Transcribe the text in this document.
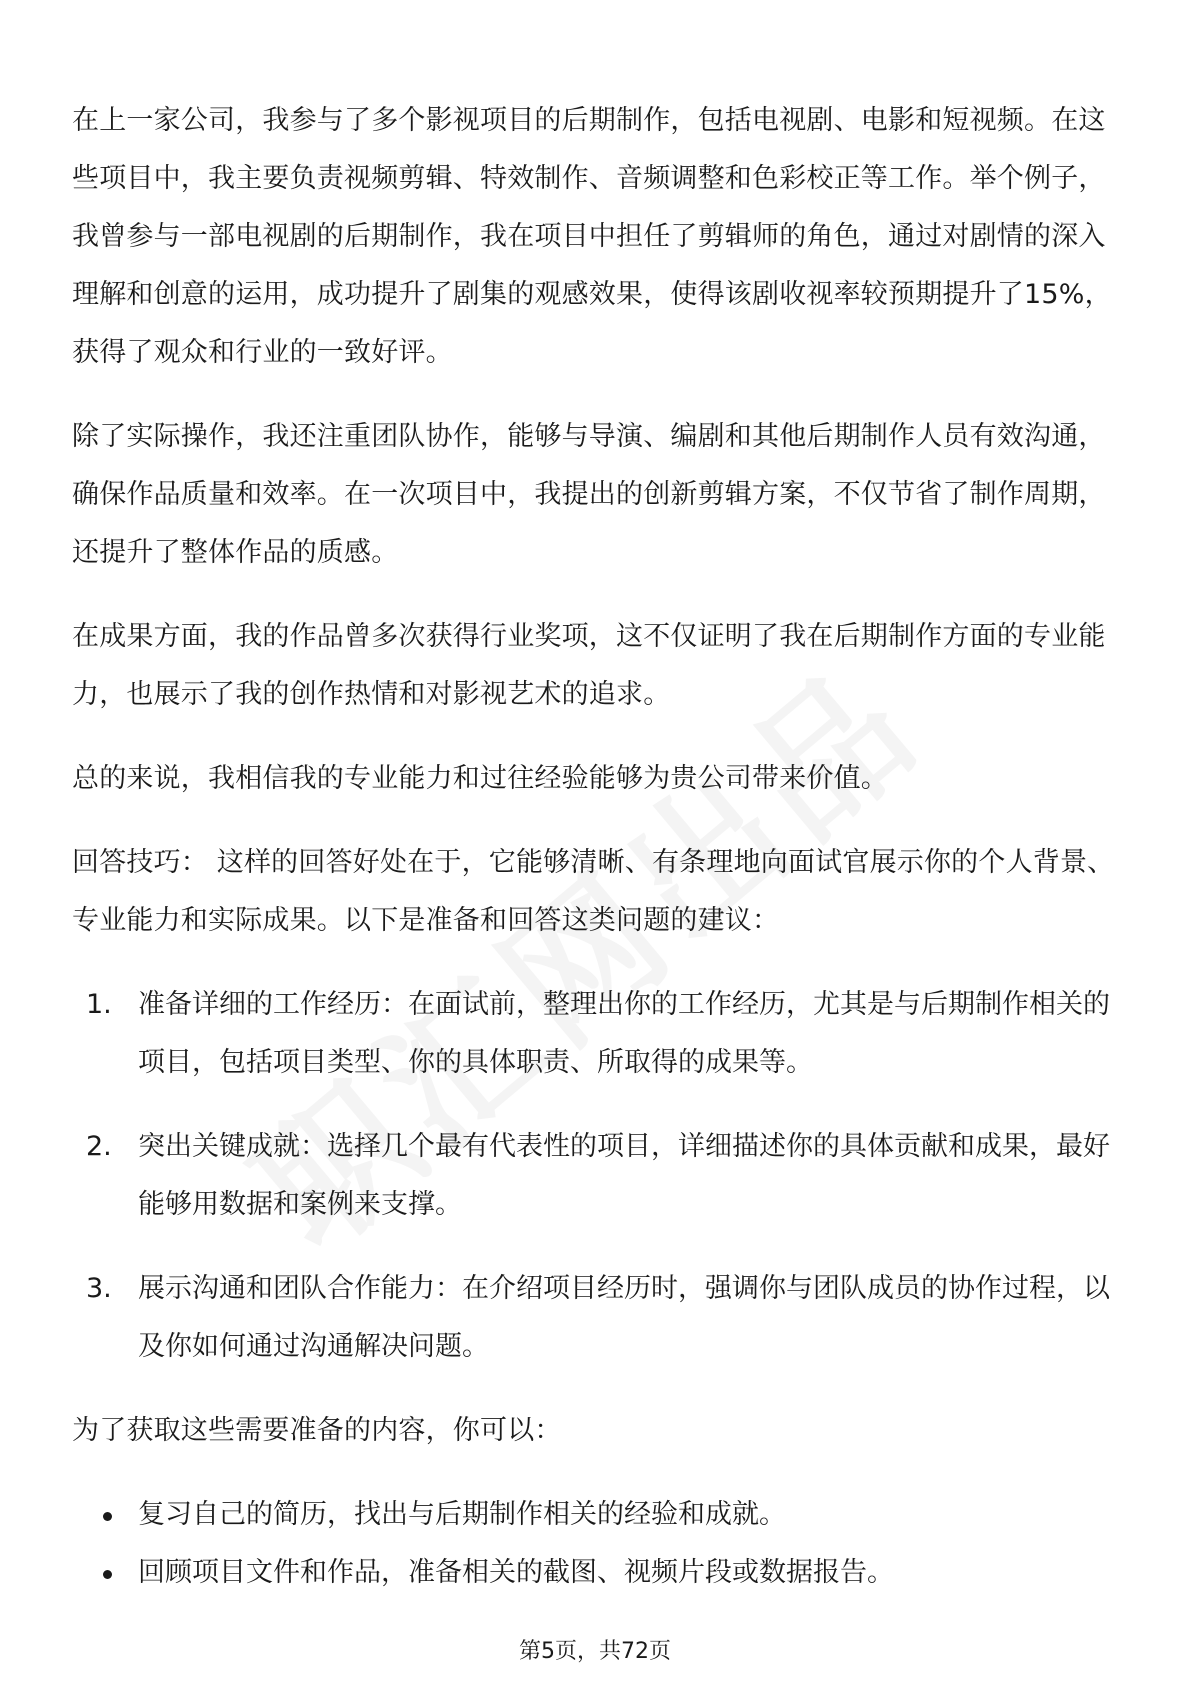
在上一家公司，我参与了多个影视项目的后期制作，包括电视剧、电影和短视频。在这些项目中，我主要负责视频剪辑、特效制作、音频调整和色彩校正等工作。举个例子，我曾参与一部电视剧的后期制作，我在项目中担任了剪辑师的角色，通过对剧情的深入理解和创意的运用，成功提升了剧集的观感效果，使得该剧收视率较预期提升了15%，获得了观众和行业的一致好评。

除了实际操作，我还注重团队协作，能够与导演、编剧和其他后期制作人员有效沟通，确保作品质量和效率。在一次项目中，我提出的创新剪辑方案，不仅节省了制作周期，还提升了整体作品的质感。

在成果方面，我的作品曾多次获得行业奖项，这不仅证明了我在后期制作方面的专业能力，也展示了我的创作热情和对影视艺术的追求。

总的来说，我相信我的专业能力和过往经验能够为贵公司带来价值。

回答技巧： 这样的回答好处在于，它能够清晰、有条理地向面试官展示你的个人背景、专业能力和实际成果。以下是准备和回答这类问题的建议：

1. 准备详细的工作经历：在面试前，整理出你的工作经历，尤其是与后期制作相关的项目，包括项目类型、你的具体职责、所取得的成果等。
2. 突出关键成就：选择几个最有代表性的项目，详细描述你的具体贡献和成果，最好能够用数据和案例来支撑。
3. 展示沟通和团队合作能力：在介绍项目经历时，强调你与团队成员的协作过程，以及你如何通过沟通解决问题。

为了获取这些需要准备的内容，你可以：

复习自己的简历，找出与后期制作相关的经验和成就。
回顾项目文件和作品，准备相关的截图、视频片段或数据报告。
第5页，共72页
